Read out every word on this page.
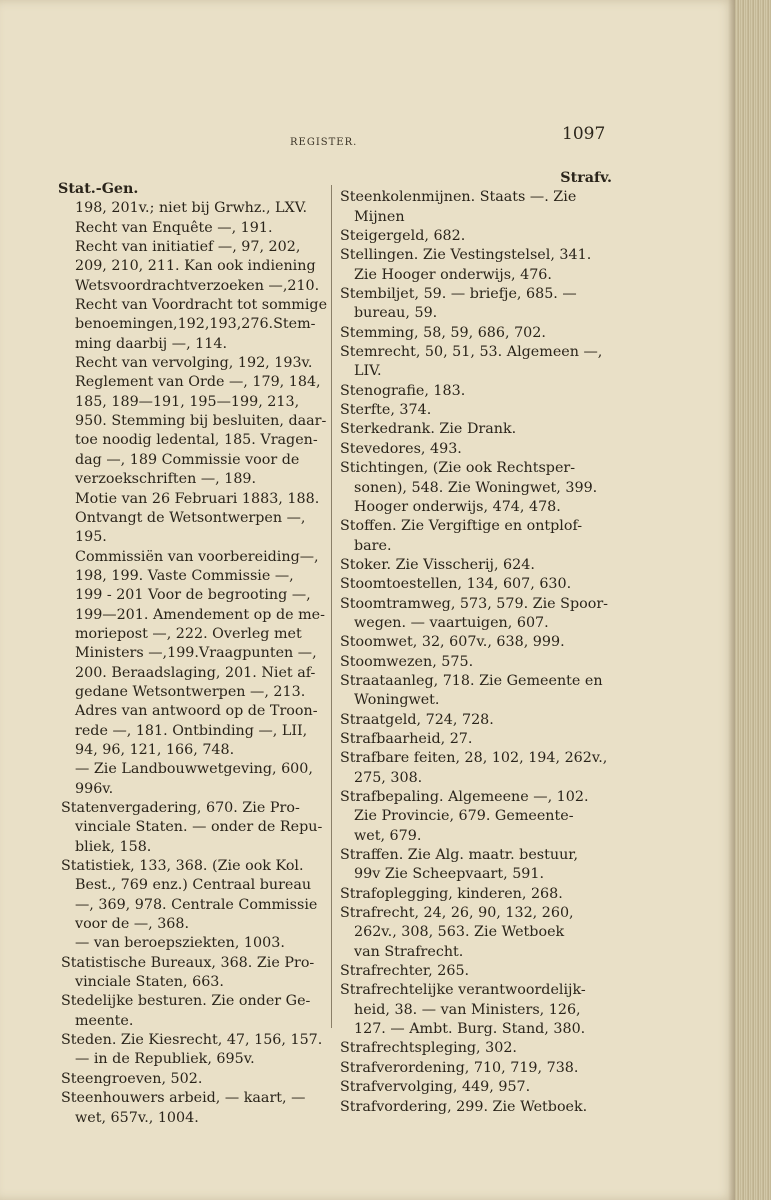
REGISTER.	1097
Stat.-Gen.
198, 201v.; niet bij Grwhz., LXV.
Recht van Enquête —, 191.
Recht van initiatief —, 97, 202,
209, 210, 211. Kan ook indiening
Wetsvoordrachtverzoeken —,210.
Recht van Voordracht tot sommige
benoemingen,192,193,276.Stem-
ming daarbij —, 114.
Recht van vervolging, 192, 193v.
Reglement van Orde —, 179, 184,
185, 189—191, 195—199, 213,
950. Stemming bij besluiten, daar-
toe noodig ledental, 185. Vragen-
dag —, 189 Commissie voor de
verzoekschriften —, 189.
Motie van 26 Februari 1883, 188.
Ontvangt de Wetsontwerpen —,
195.
Commissiën van voorbereiding—,
198, 199. Vaste Commissie —,
199 - 201 Voor de begrooting —,
199—201. Amendement op de me-
moriepost —, 222. Overleg met
Ministers —,199.Vraagpunten —,
200. Beraadslaging, 201. Niet af-
gedane Wetsontwerpen —, 213.
Adres van antwoord op de Troon-
rede —, 181. Ontbinding —, LII,
94, 96, 121, 166, 748.
— Zie Landbouwwetgeving, 600,
996v.
Statenvergadering, 670. Zie Pro-
vinciale Staten. — onder de Repu-
bliek, 158.
Statistiek, 133, 368. (Zie ook Kol.
Best., 769 enz.) Centraal bureau
—, 369, 978. Centrale Commissie
voor de —, 368.
— van beroepsziekten, 1003.
Statistische Bureaux, 368. Zie Pro-
vinciale Staten, 663.
Stedelijke besturen. Zie onder Ge-
meente.
Steden. Zie Kiesrecht, 47, 156, 157.
— in de Republiek, 695v.
Steengroeven, 502.
Steenhouwers arbeid, — kaart, —
wet, 657v., 1004.
Strafv.
Steenkolenmijnen. Staats —. Zie
Mijnen
Steigergeld, 682.
Stellingen. Zie Vestingstelsel, 341.
Zie Hooger onderwijs, 476.
Stembiljet, 59. — briefje, 685. —
bureau, 59.
Stemming, 58, 59, 686, 702.
Stemrecht, 50, 51, 53. Algemeen —,
LIV.
Stenografie, 183.
Sterfte, 374.
Sterkedrank. Zie Drank.
Stevedores, 493.
Stichtingen, (Zie ook Rechtsper-
sonen), 548. Zie Woningwet, 399.
Hooger onderwijs, 474, 478.
Stoffen. Zie Vergiftige en ontplof-
bare.
Stoker. Zie Visscherij, 624.
Stoomtoestellen, 134, 607, 630.
Stoomtramweg, 573, 579. Zie Spoor-
wegen. — vaartuigen, 607.
Stoomwet, 32, 607v., 638, 999.
Stoomwezen, 575.
Straataanleg, 718. Zie Gemeente en
Woningwet.
Straatgeld, 724, 728.
Strafbaarheid, 27.
Strafbare feiten, 28, 102, 194, 262v.,
275, 308.
Strafbepaling. Algemeene —, 102.
Zie Provincie, 679. Gemeente-
wet, 679.
Straffen. Zie Alg. maatr. bestuur,
99v Zie Scheepvaart, 591.
Strafoplegging, kinderen, 268.
Strafrecht, 24, 26, 90, 132, 260,
262v., 308, 563. Zie Wetboek
van Strafrecht.
Strafrechter, 265.
Strafrechtelijke verantwoordelijk-
heid, 38. — van Ministers, 126,
127. — Ambt. Burg. Stand, 380.
Strafrechtspleging, 302.
Strafverordening, 710, 719, 738.
Strafvervolging, 449, 957.
Strafvordering, 299. Zie Wetboek.
